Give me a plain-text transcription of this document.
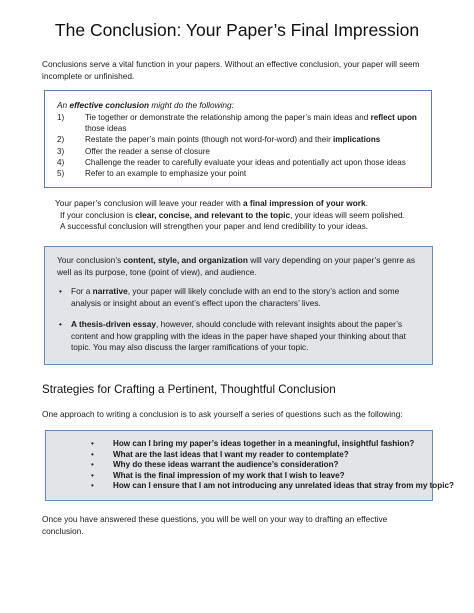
The Conclusion: Your Paper’s Final Impression

Conclusions serve a vital function in your papers. Without an effective conclusion, your paper will seem incomplete or unfinished.

An effective conclusion might do the following:
1)	Tie together or demonstrate the relationship among the paper’s main ideas and reflect upon those ideas
2)	Restate the paper’s main points (though not word-for-word) and their implications
3)	Offer the reader a sense of closure
4)	Challenge the reader to carefully evaluate your ideas and potentially act upon those ideas
5)	Refer to an example to emphasize your point
Your paper’s conclusion will leave your reader with a final impression of your work.
If your conclusion is clear, concise, and relevant to the topic, your ideas will seem polished.
A successful conclusion will strengthen your paper and lend credibility to your ideas.
Your conclusion’s content, style, and organization will vary depending on your paper’s genre as well as its purpose, tone (point of view), and audience.
• For a narrative, your paper will likely conclude with an end to the story’s action and some analysis or insight about an event’s effect upon the characters’ lives.
• A thesis-driven essay, however, should conclude with relevant insights about the paper’s content and how grappling with the ideas in the paper have shaped your thinking about that topic. You may also discuss the larger ramifications of your topic.
Strategies for Crafting a Pertinent, Thoughtful Conclusion
One approach to writing a conclusion is to ask yourself a series of questions such as the following:
• How can I bring my paper’s ideas together in a meaningful, insightful fashion?
• What are the last ideas that I want my reader to contemplate?
• Why do these ideas warrant the audience’s consideration?
• What is the final impression of my work that I wish to leave?
• How can I ensure that I am not introducing any unrelated ideas that stray from my topic?
Once you have answered these questions, you will be well on your way to drafting an effective conclusion.
